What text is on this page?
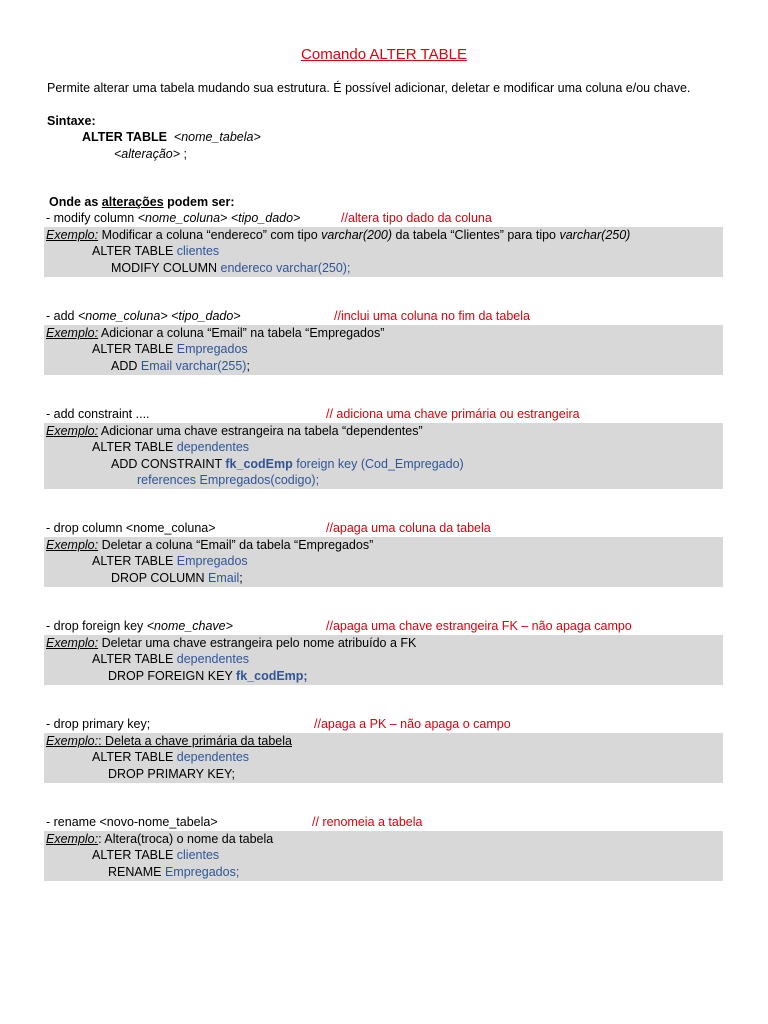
Comando ALTER TABLE
Permite alterar uma tabela mudando sua estrutura. É possível adicionar, deletar e modificar uma coluna e/ou chave.
Sintaxe:
ALTER TABLE <nome_tabela>
<alteração> ;
Onde as alterações podem ser:
- modify column <nome_coluna> <tipo_dado>	//altera tipo dado da coluna
Exemplo: Modificar a coluna “endereco” com tipo varchar(200) da tabela “Clientes” para tipo varchar(250)
ALTER TABLE clientes
MODIFY COLUMN endereco varchar(250);
- add <nome_coluna> <tipo_dado>	//inclui uma coluna no fim da tabela
Exemplo: Adicionar a coluna “Email” na tabela “Empregados”
ALTER TABLE Empregados
ADD Email varchar(255);
- add constraint ....	// adiciona uma chave primária ou estrangeira
Exemplo: Adicionar uma chave estrangeira na tabela “dependentes”
ALTER TABLE dependentes
ADD CONSTRAINT fk_codEmp foreign key (Cod_Empregado)
references Empregados(codigo);
- drop column <nome_coluna>	//apaga uma coluna da tabela
Exemplo: Deletar a coluna “Email” da tabela “Empregados”
ALTER TABLE Empregados
DROP COLUMN Email;
- drop foreign key <nome_chave>	//apaga uma chave estrangeira FK – não apaga campo
Exemplo: Deletar uma chave estrangeira pelo nome atribuído a FK
ALTER TABLE dependentes
DROP FOREIGN KEY fk_codEmp;
- drop primary key;	//apaga a PK – não apaga o campo
Exemplo:: Deleta a chave primária da tabela
ALTER TABLE dependentes
DROP PRIMARY KEY;
- rename <novo-nome_tabela>	// renomeia a tabela
Exemplo:: Altera(troca) o nome da tabela
ALTER TABLE clientes
RENAME Empregados;
